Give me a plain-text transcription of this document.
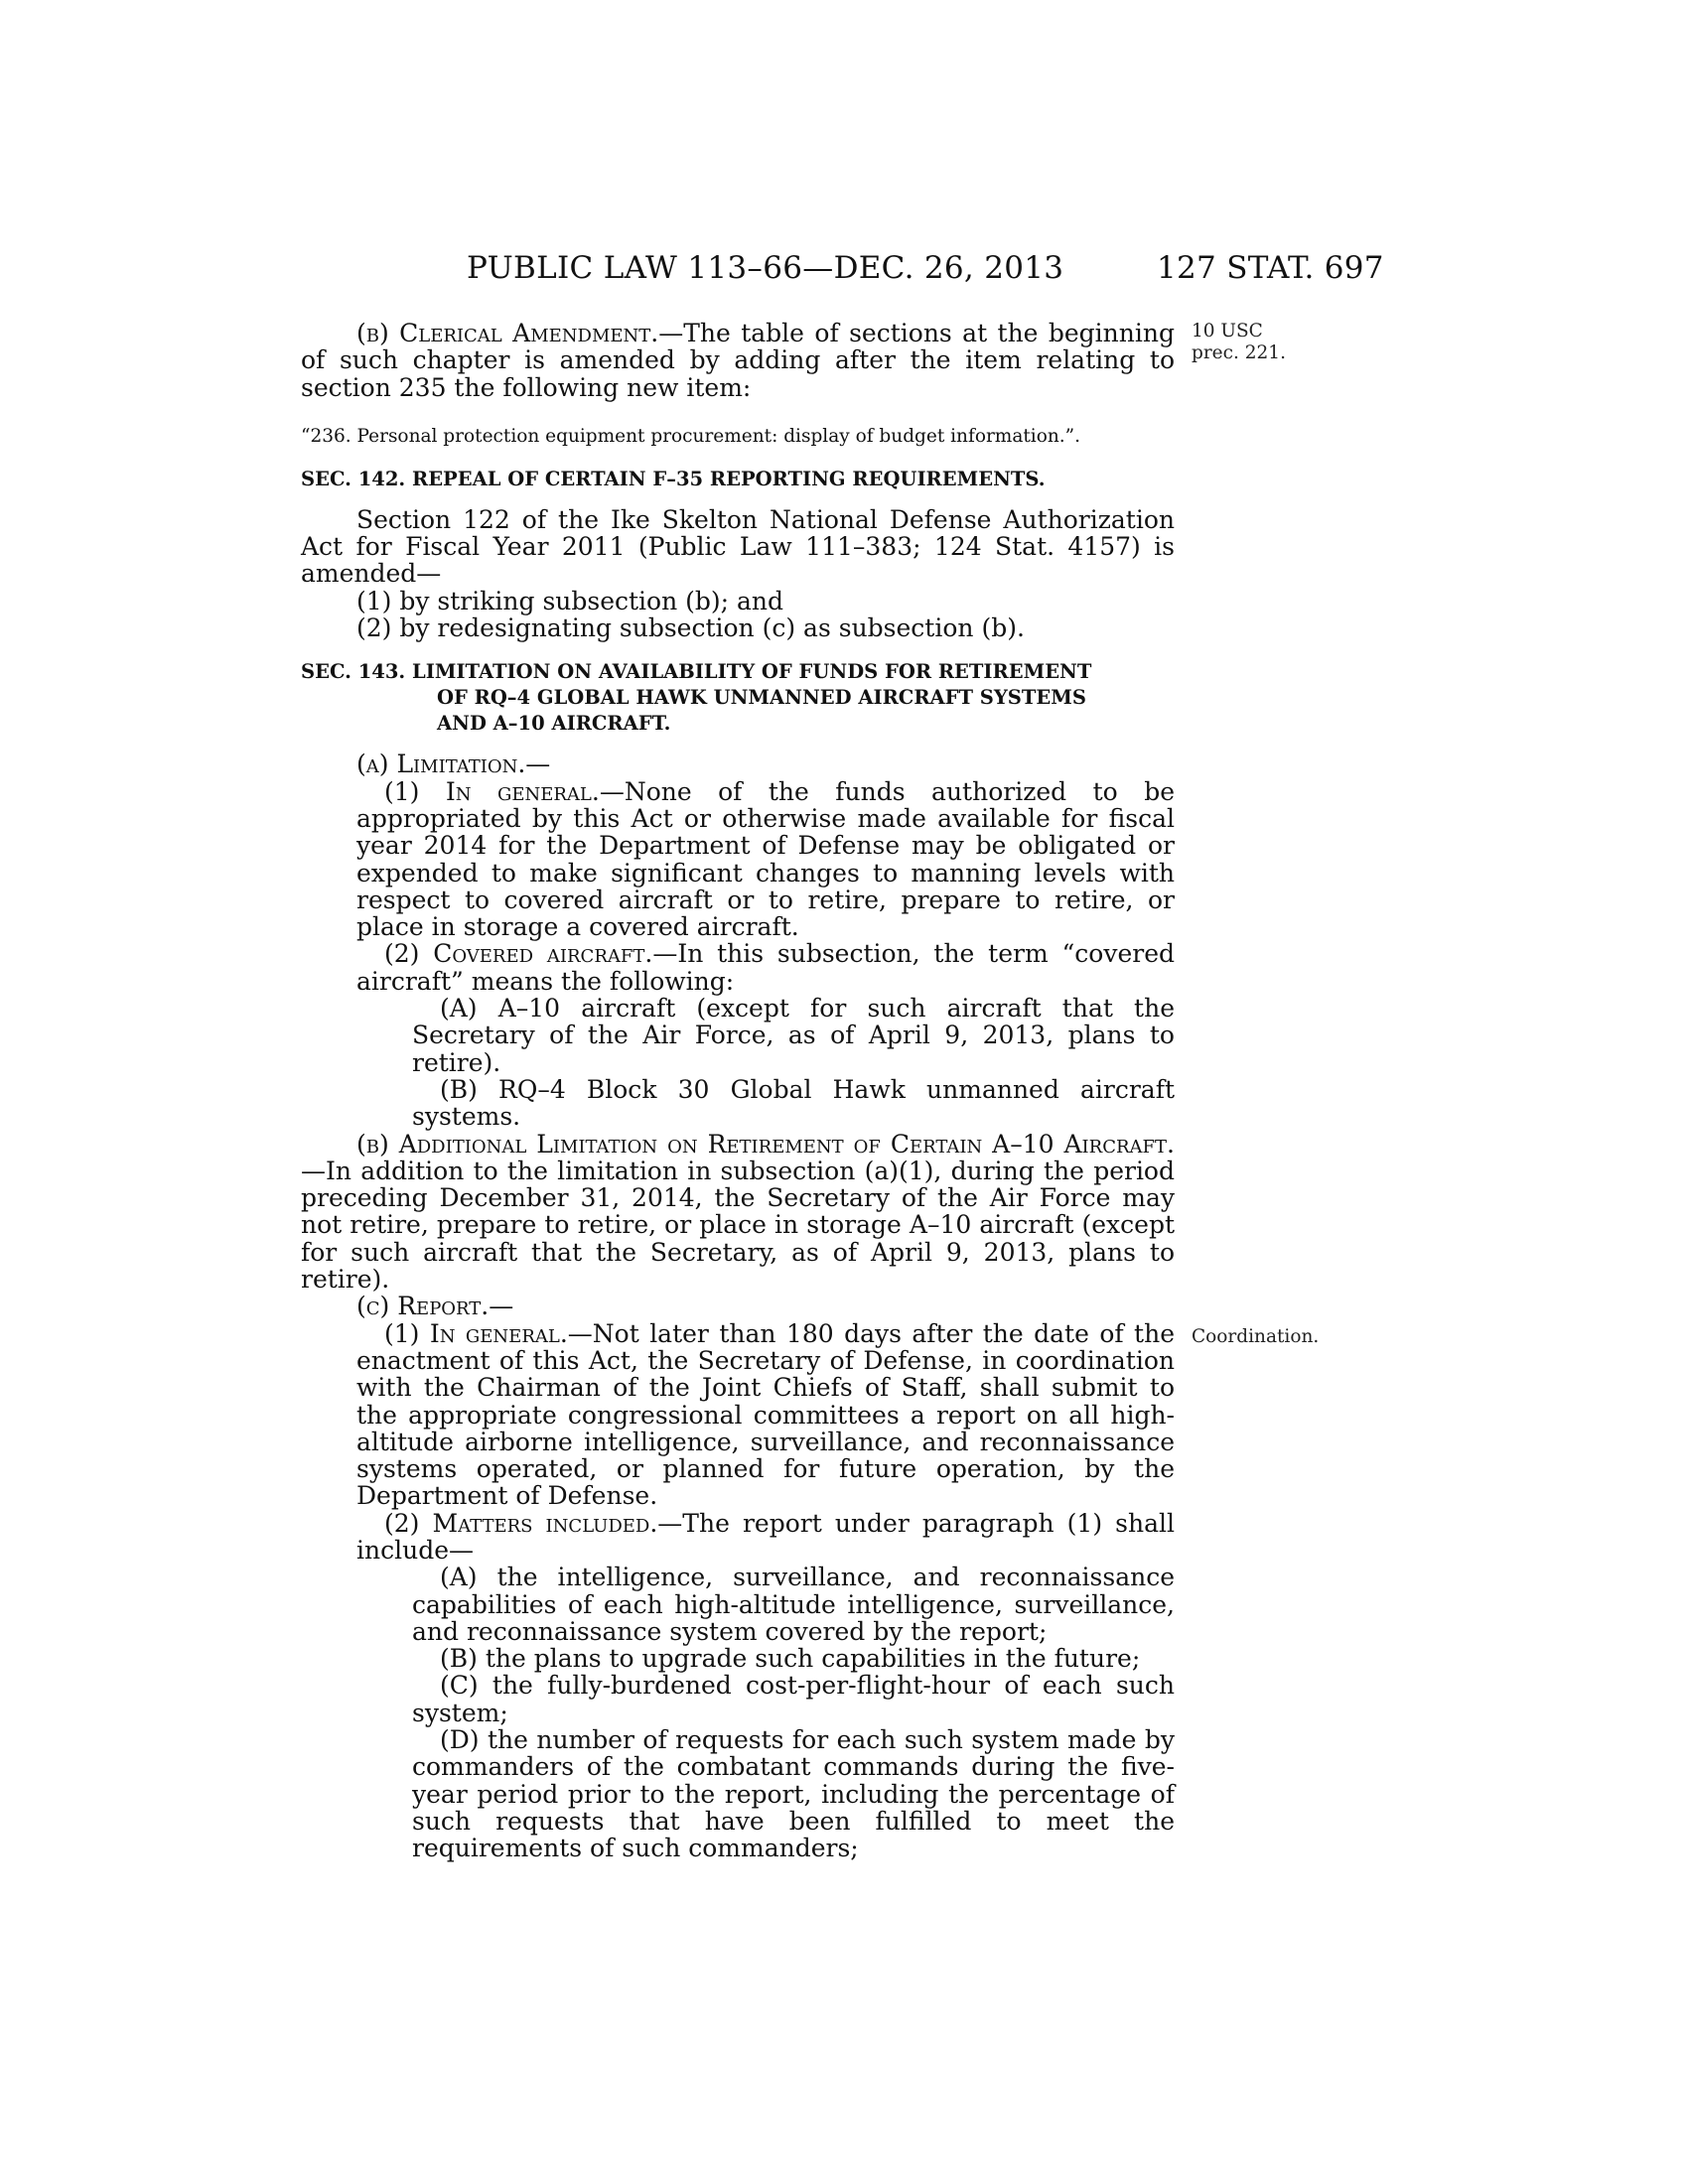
PUBLIC LAW 113–66—DEC. 26, 2013	127 STAT. 697
10 USC
prec. 221.
Coordination.

(b) Clerical Amendment.—The table of sections at the beginning of such chapter is amended by adding after the item relating to section 235 the following new item:

“236. Personal protection equipment procurement: display of budget information.”.
SEC. 142. REPEAL OF CERTAIN F–35 REPORTING REQUIREMENTS.

Section 122 of the Ike Skelton National Defense Authorization Act for Fiscal Year 2011 (Public Law 111–383; 124 Stat. 4157) is amended—

(1) by striking subsection (b); and

(2) by redesignating subsection (c) as subsection (b).

SEC. 143. LIMITATION ON AVAILABILITY OF FUNDS FOR RETIREMENT
OF RQ–4 GLOBAL HAWK UNMANNED AIRCRAFT SYSTEMS
AND A–10 AIRCRAFT.

(a) Limitation.—

(1) In general.—None of the funds authorized to be appropriated by this Act or otherwise made available for fiscal year 2014 for the Department of Defense may be obligated or expended to make significant changes to manning levels with respect to covered aircraft or to retire, prepare to retire, or place in storage a covered aircraft.

(2) Covered aircraft.—In this subsection, the term “covered aircraft” means the following:

(A) A–10 aircraft (except for such aircraft that the Secretary of the Air Force, as of April 9, 2013, plans to retire).

(B) RQ–4 Block 30 Global Hawk unmanned aircraft systems.

(b) Additional Limitation on Retirement of Certain A–10 Aircraft.—In addition to the limitation in subsection (a)(1), during the period preceding December 31, 2014, the Secretary of the Air Force may not retire, prepare to retire, or place in storage A–10 aircraft (except for such aircraft that the Secretary, as of April 9, 2013, plans to retire).

(c) Report.—

(1) In general.—Not later than 180 days after the date of the enactment of this Act, the Secretary of Defense, in coordination with the Chairman of the Joint Chiefs of Staff, shall submit to the appropriate congressional committees a report on all high-altitude airborne intelligence, surveillance, and reconnaissance systems operated, or planned for future operation, by the Department of Defense.

(2) Matters included.—The report under paragraph (1) shall include—

(A) the intelligence, surveillance, and reconnaissance capabilities of each high-altitude intelligence, surveillance, and reconnaissance system covered by the report;

(B) the plans to upgrade such capabilities in the future;

(C) the fully-burdened cost-per-flight-hour of each such system;

(D) the number of requests for each such system made by commanders of the combatant commands during the five-year period prior to the report, including the percentage of such requests that have been fulfilled to meet the requirements of such commanders;
